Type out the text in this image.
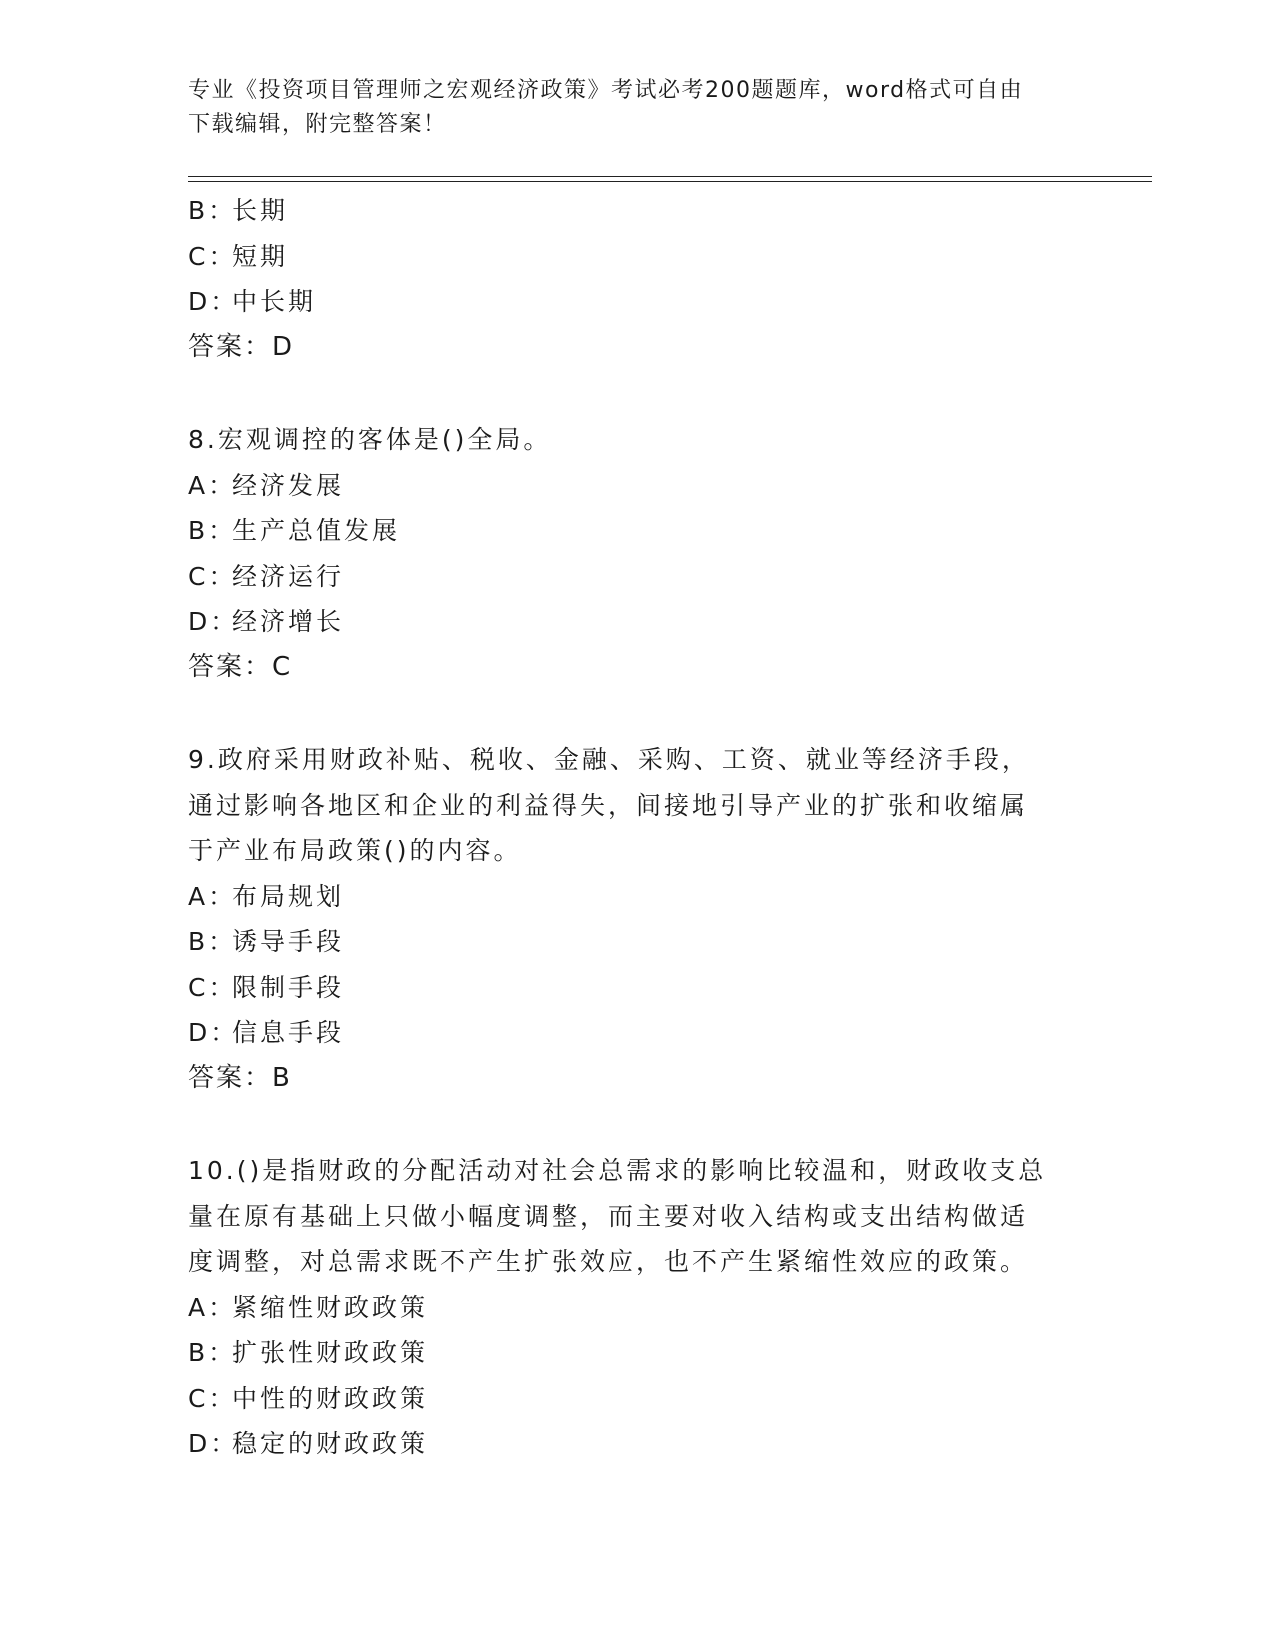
专业《投资项目管理师之宏观经济政策》考试必考200题题库，word格式可自由
下载编辑，附完整答案！
B：长期
C：短期
D：中长期
答案：D
8.宏观调控的客体是()全局。
A：经济发展
B：生产总值发展
C：经济运行
D：经济增长
答案：C
9.政府采用财政补贴、税收、金融、采购、工资、就业等经济手段，
通过影响各地区和企业的利益得失，间接地引导产业的扩张和收缩属
于产业布局政策()的内容。
A：布局规划
B：诱导手段
C：限制手段
D：信息手段
答案：B
10.()是指财政的分配活动对社会总需求的影响比较温和，财政收支总
量在原有基础上只做小幅度调整，而主要对收入结构或支出结构做适
度调整，对总需求既不产生扩张效应，也不产生紧缩性效应的政策。
A：紧缩性财政政策
B：扩张性财政政策
C：中性的财政政策
D：稳定的财政政策
